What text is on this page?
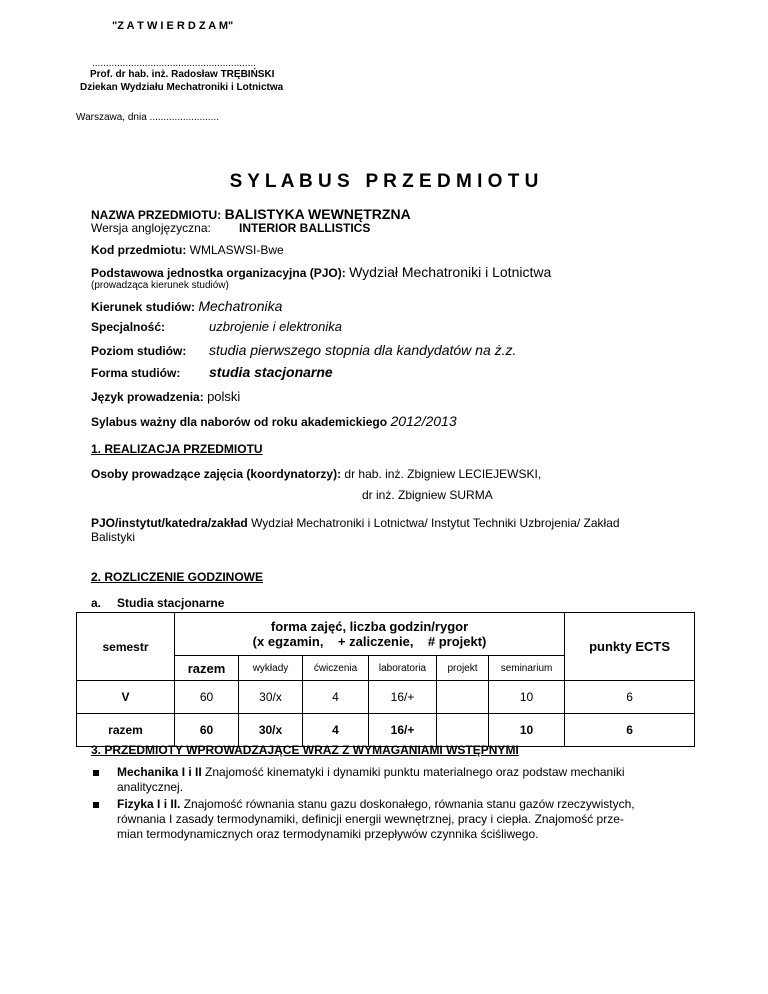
"Z A T W I E R D Z A M"
...........................................................
Prof. dr hab. inż. Radosław TRĘBIŃSKI
Dziekan Wydziału Mechatroniki i Lotnictwa
Warszawa, dnia .........................
S Y L A B U S   P R Z E D M I O T U
NAZWA PRZEDMIOTU: BALISTYKA WEWNĘTRZNA
Wersja anglojęzyczna: INTERIOR BALLISTICS
Kod przedmiotu: WMLASWSI-Bwe
Podstawowa jednostka organizacyjna (PJO): Wydział Mechatroniki i Lotnictwa
(prowadząca kierunek studiów)
Kierunek studiów: Mechatronika
Specjalność:	uzbrojenie i elektronika
Poziom studiów: studia pierwszego stopnia dla kandydatów na ż.z.
Forma studiów: studia stacjonarne
Język prowadzenia: polski
Sylabus ważny dla naborów od roku akademickiego 2012/2013
1. REALIZACJA PRZEDMIOTU
Osoby prowadzące zajęcia (koordynatorzy): dr hab. inż. Zbigniew LECIEJEWSKI,
dr inż. Zbigniew SURMA
PJO/instytut/katedra/zakład Wydział Mechatroniki i Lotnictwa/ Instytut Techniki Uzbrojenia/ Zakład
Balistyki
2. ROZLICZENIE GODZINOWE
a. Studia stacjonarne
semestr	forma zajęć, liczba godzin/rygor
(x egzamin,    + zaliczenie,    # projekt)						punkty ECTS
	razem	wykłady	ćwiczenia	laboratoria	projekt	seminarium	
V	60	30/x	4	16/+		10	6
razem	60	30/x	4	16/+		10	6
3. PRZEDMIOTY WPROWADZAJĄCE WRAZ Z WYMAGANIAMI WSTĘPNYMI
Mechanika I i II Znajomość kinematyki i dynamiki punktu materialnego oraz podstaw mechaniki
analitycznej.
Fizyka I i II. Znajomość równania stanu gazu doskonałego, równania stanu gazów rzeczywistych,
równania I zasady termodynamiki, definicji energii wewnętrznej, pracy i ciepła. Znajomość prze-
mian termodynamicznych oraz termodynamiki przepływów czynnika ściśliwego.
